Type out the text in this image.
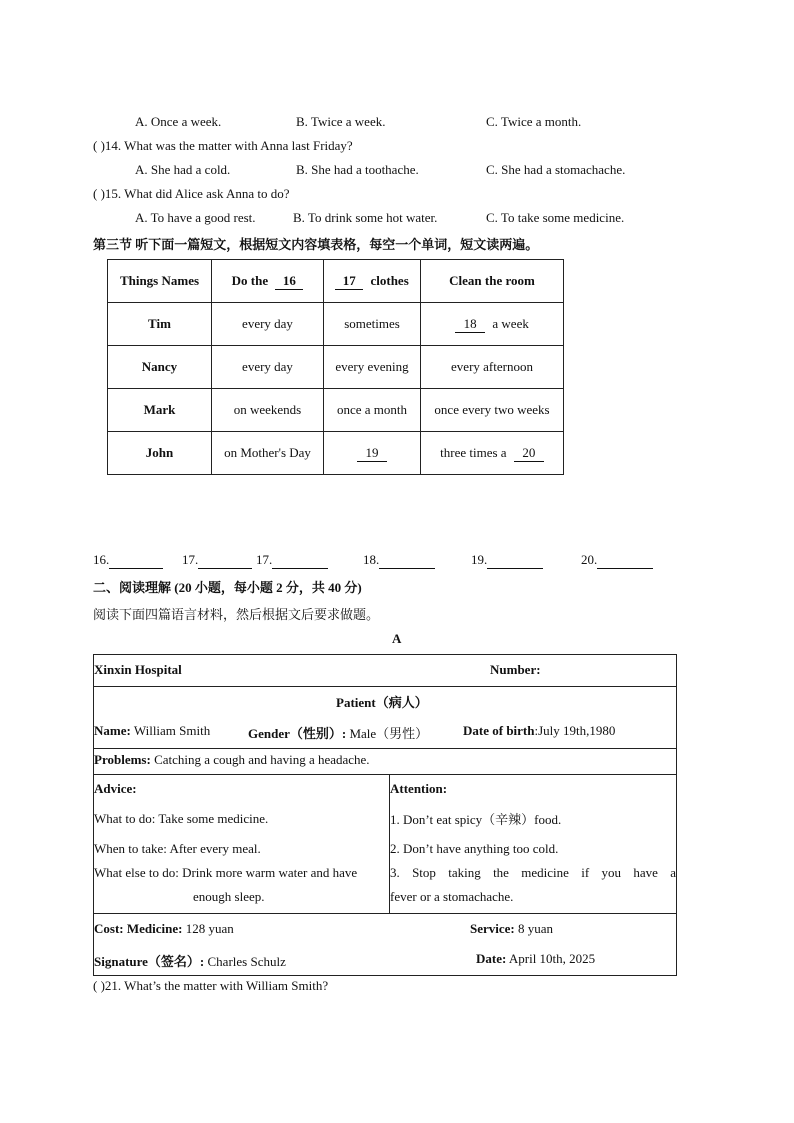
A. Once a week.	B. Twice a week.	C. Twice a month.
( )14. What was the matter with Anna last Friday?
A. She had a cold.	B. She had a toothache.	C. She had a stomachache.
( )15. What did Alice ask Anna to do?
A. To have a good rest.	B. To drink some hot water.	C. To take some medicine.
第三节 听下面一篇短文，根据短文内容填表格，每空一个单词，短文读两遍。
Things Names	Do the 16	17 clothes	Clean the room
Tim	every day	sometimes	18 a week
Nancy	every day	every evening	every afternoon
Mark	on weekends	once a month	once every two weeks
John	on Mother's Day	19	three times a 20
16.	17.	17.	18.	19.	20.
二、阅读理解 (20 小题，每小题 2 分，共 40 分)
阅读下面四篇语言材料，然后根据文后要求做题。
A
Xinxin Hospital	Number:
Patient（病人）
Name: William Smith	Gender（性别）: Male（男性）	Date of birth:July 19th,1980
Problems: Catching a cough and having a headache.
Advice:
What to do: Take some medicine.
When to take: After every meal.
What else to do: Drink more warm water and have
enough sleep.
Attention:
1. Don’t eat spicy（辛辣）food.
2. Don’t have anything too cold.
3. Stop taking the medicine if you have a
fever or a stomachache.
Cost: Medicine: 128 yuan	Service: 8 yuan
Signature（签名）: Charles Schulz	Date: April 10th, 2025
( )21. What’s the matter with William Smith?
